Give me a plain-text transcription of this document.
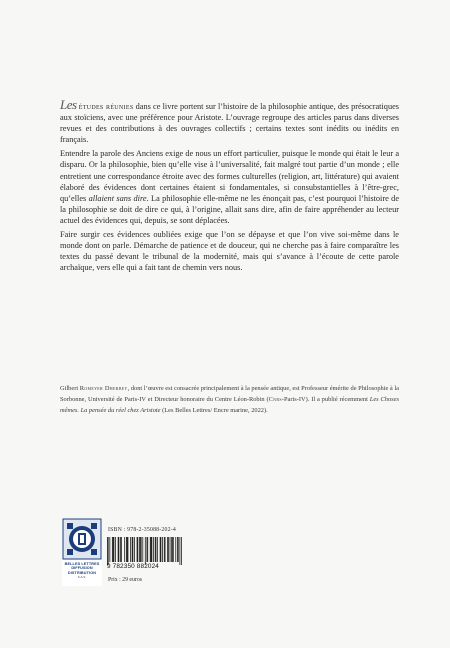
Les études réunies dans ce livre portent sur l’histoire de la philosophie antique, des présocratiques aux stoïciens, avec une préférence pour Aristote. L’ouvrage regroupe des articles parus dans diverses revues et des contributions à des ouvrages collectifs ; certains textes sont inédits ou inédits en français.

Entendre la parole des Anciens exige de nous un effort particulier, puisque le monde qui était le leur a disparu. Or la philosophie, bien qu’elle vise à l’universalité, fait malgré tout partie d’un monde ; elle entretient une correspondance étroite avec des formes culturelles (religion, art, littérature) qui avaient élaboré des évidences dont certaines étaient si fondamentales, si consubstantielles à l’être-grec, qu’elles allaient sans dire. La philosophie elle-même ne les énonçait pas, c’est pourquoi l’histoire de la philosophie se doit de dire ce qui, à l’origine, allait sans dire, afin de faire appréhender au lecteur actuel des évidences qui, depuis, se sont déplacées.

Faire surgir ces évidences oubliées exige que l’on se dépayse et que l’on vive soi-même dans le monde dont on parle. Démarche de patience et de douceur, qui ne cherche pas à faire comparaître les textes du passé devant le tribunal de la modernité, mais qui s’avance à l’écoute de cette parole archaïque, vers elle qui a fait tant de chemin vers nous.

Gilbert Romeyer Dherbey, dont l’œuvre est consacrée principalement à la pensée antique, est Professeur émérite de Philosophie à la Sorbonne, Université de Paris-IV et Directeur honoraire du Centre Léon-Robin (Cnrs-Paris-IV). Il a publié récemment Les Choses mêmes. La pensée du réel chez Aristote (Les Belles Lettres/ Encre marine, 2022).

BELLES LETTRES
DIFFUSION
DISTRIBUTION
S.A.S.
ISBN : 978-2-35088-202-4
9 782350 882024
Prix : 29 euros
